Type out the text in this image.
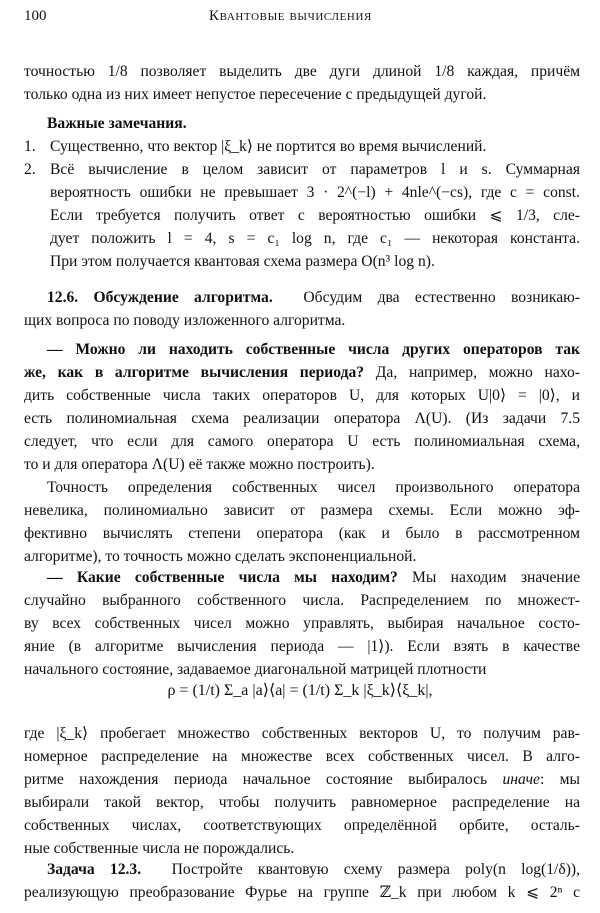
100	Квантовые вычисления
точностью 1/8 позволяет выделить две дуги длиной 1/8 каждая, причём
только одна из них имеет непустое пересечение с предыдущей дугой.
Важные замечания.
1. Существенно, что вектор |ξ_k⟩ не портится во время вычислений.
2. Всё вычисление в целом зависит от параметров l и s. Суммарная
вероятность ошибки не превышает 3 · 2^(−l) + 4nle^(−cs), где c = const.
Если требуется получить ответ с вероятностью ошибки ⩽ 1/3, сле-
дует положить l = 4, s = c₁ log n, где c₁ — некоторая константа.
При этом получается квантовая схема размера O(n³ log n).
12.6. Обсуждение алгоритма. Обсудим два естественно возникаю-
щих вопроса по поводу изложенного алгоритма.
— Можно ли находить собственные числа других операторов так
же, как в алгоритме вычисления периода? Да, например, можно нахо-
дить собственные числа таких операторов U, для которых U|0⟩ = |0⟩, и
есть полиномиальная схема реализации оператора Λ(U). (Из задачи 7.5
следует, что если для самого оператора U есть полиномиальная схема,
то и для оператора Λ(U) её также можно построить).
Точность определения собственных чисел произвольного оператора
невелика, полиномиально зависит от размера схемы. Если можно эф-
фективно вычислять степени оператора (как и было в рассмотренном
алгоритме), то точность можно сделать экспоненциальной.
— Какие собственные числа мы находим? Мы находим значение
случайно выбранного собственного числа. Распределением по множест-
ву всех собственных чисел можно управлять, выбирая начальное состо-
яние (в алгоритме вычисления периода — |1⟩). Если взять в качестве
начального состояние, задаваемое диагональной матрицей плотности
ρ = (1/t) Σ_a |a⟩⟨a| = (1/t) Σ_k |ξ_k⟩⟨ξ_k|,
где |ξ_k⟩ пробегает множество собственных векторов U, то получим рав-
номерное распределение на множестве всех собственных чисел. В алго-
ритме нахождения периода начальное состояние выбиралось иначе: мы
выбирали такой вектор, чтобы получить равномерное распределение на
собственных числах, соответствующих определённой орбите, осталь-
ные собственные числа не порождались.
Задача 12.3. Постройте квантовую схему размера poly(n log(1/δ)),
реализующую преобразование Фурье на группе ℤ_k при любом k ⩽ 2ⁿ с
